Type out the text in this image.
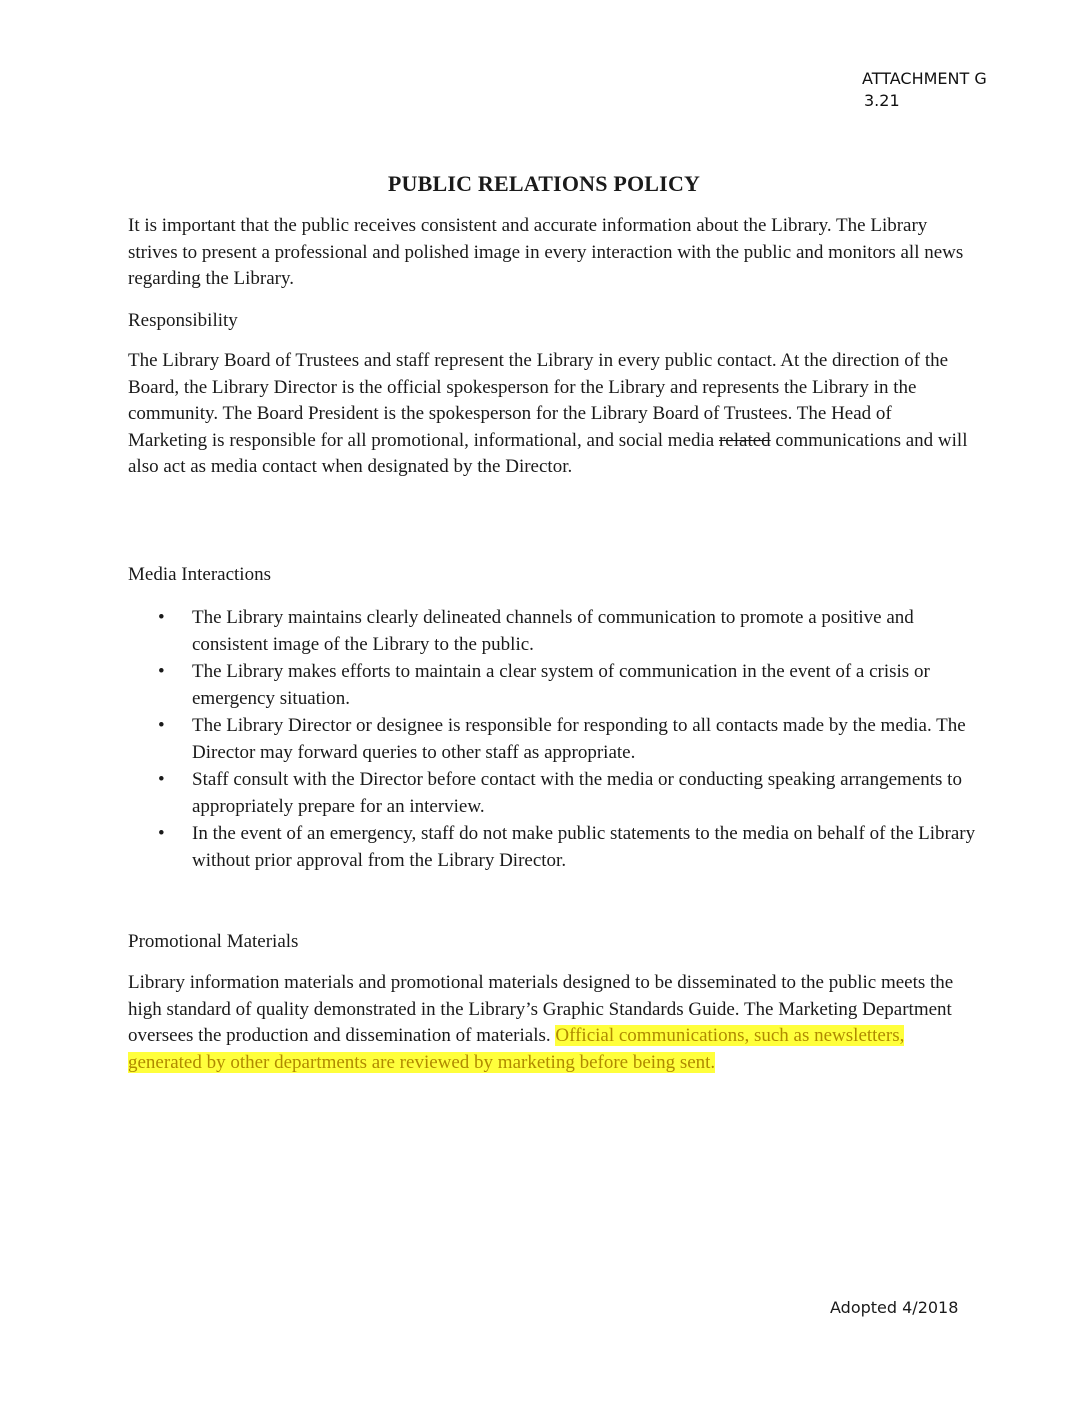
ATTACHMENT G
3.21
PUBLIC RELATIONS POLICY

It is important that the public receives consistent and accurate information about the Library. The Library strives to present a professional and polished image in every interaction with the public and monitors all news regarding the Library.

Responsibility

The Library Board of Trustees and staff represent the Library in every public contact. At the direction of the Board, the Library Director is the official spokesperson for the Library and represents the Library in the community. The Board President is the spokesperson for the Library Board of Trustees. The Head of Marketing is responsible for all promotional, informational, and social media related communications and will also act as media contact when designated by the Director.

Media Interactions

• The Library maintains clearly delineated channels of communication to promote a positive and consistent image of the Library to the public.
• The Library makes efforts to maintain a clear system of communication in the event of a crisis or emergency situation.
• The Library Director or designee is responsible for responding to all contacts made by the media. The Director may forward queries to other staff as appropriate.
• Staff consult with the Director before contact with the media or conducting speaking arrangements to appropriately prepare for an interview.
• In the event of an emergency, staff do not make public statements to the media on behalf of the Library without prior approval from the Library Director.

Promotional Materials

Library information materials and promotional materials designed to be disseminated to the public meets the high standard of quality demonstrated in the Library’s Graphic Standards Guide. The Marketing Department oversees the production and dissemination of materials. Official communications, such as newsletters, generated by other departments are reviewed by marketing before being sent.

Adopted 4/2018
